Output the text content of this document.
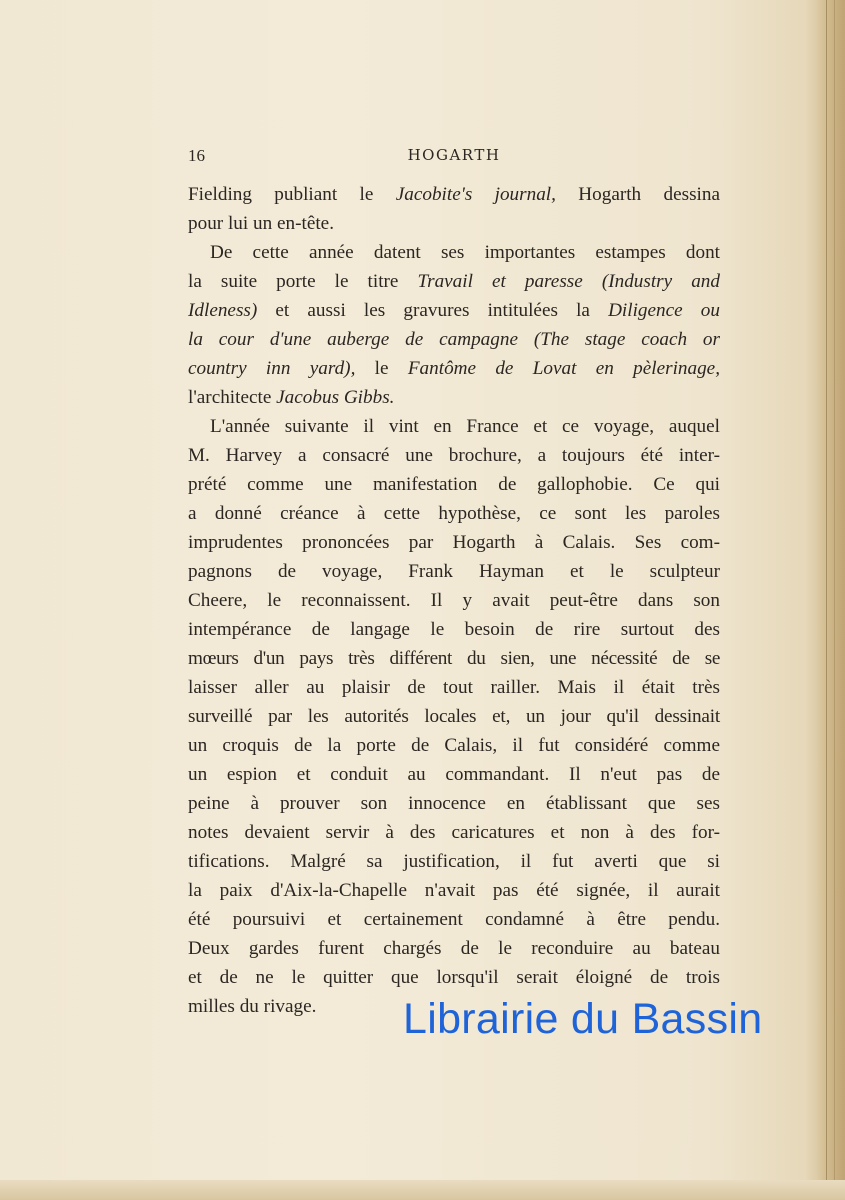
16	HOGARTH
Fielding publiant le Jacobite's journal, Hogarth dessina
pour lui un en-tête.
De cette année datent ses importantes estampes dont
la suite porte le titre Travail et paresse (Industry and
Idleness) et aussi les gravures intitulées la Diligence ou
la cour d'une auberge de campagne (The stage coach or
country inn yard), le Fantôme de Lovat en pèlerinage,
l'architecte Jacobus Gibbs.
L'année suivante il vint en France et ce voyage, auquel
M. Harvey a consacré une brochure, a toujours été inter-
prété comme une manifestation de gallophobie. Ce qui
a donné créance à cette hypothèse, ce sont les paroles
imprudentes prononcées par Hogarth à Calais. Ses com-
pagnons de voyage, Frank Hayman et le sculpteur
Cheere, le reconnaissent. Il y avait peut-être dans son
intempérance de langage le besoin de rire surtout des
mœurs d'un pays très différent du sien, une nécessité de se
laisser aller au plaisir de tout railler. Mais il était très
surveillé par les autorités locales et, un jour qu'il dessinait
un croquis de la porte de Calais, il fut considéré comme
un espion et conduit au commandant. Il n'eut pas de
peine à prouver son innocence en établissant que ses
notes devaient servir à des caricatures et non à des for-
tifications. Malgré sa justification, il fut averti que si
la paix d'Aix-la-Chapelle n'avait pas été signée, il aurait
été poursuivi et certainement condamné à être pendu.
Deux gardes furent chargés de le reconduire au bateau
et de ne le quitter que lorsqu'il serait éloigné de trois
milles du rivage.	Librairie du Bassin
